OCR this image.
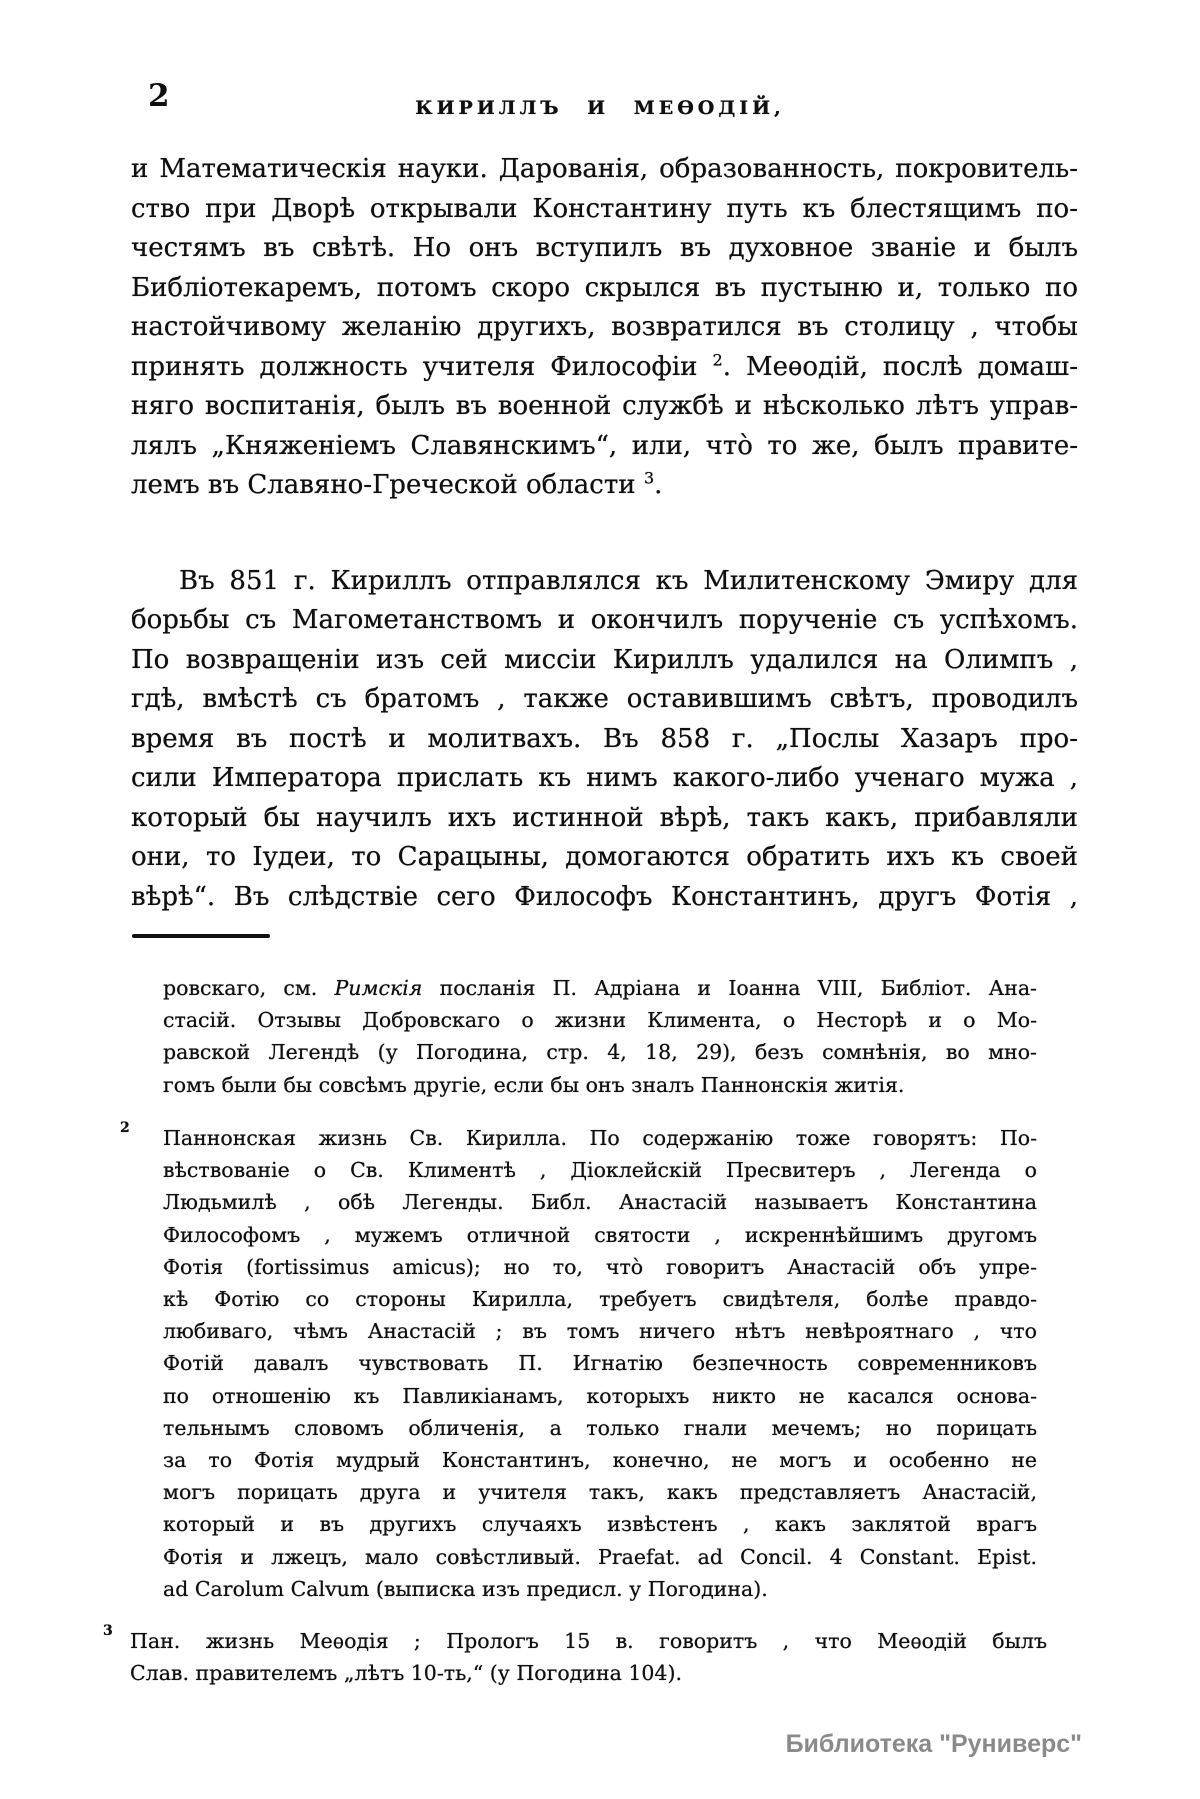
2	КИРИЛЛЪ И МЕѲОДІЙ,
и Математическія науки. Дарованія, образованность, покровитель-
ство при Дворѣ открывали Константину путь къ блестящимъ по-
честямъ въ свѣтѣ. Но онъ вступилъ въ духовное званіе и былъ
Библіотекаремъ, потомъ скоро скрылся въ пустыню и, только по
настойчивому желанію другихъ, возвратился въ столицу , чтобы
принять должность учителя Философіи $^2$. Меѳодій, послѣ домаш-
няго воспитанія, былъ въ военной службѣ и нѣсколько лѣтъ управ-
лялъ „Княженіемъ Славянскимъ“, или, что̀ то же, былъ правите-
лемъ въ Славяно-Греческой области $^3$.
Въ 851 г. Кириллъ отправлялся къ Милитенскому Эмиру для
борьбы съ Магометанствомъ и окончилъ порученіе съ успѣхомъ.
По возвращеніи изъ сей миссіи Кириллъ удалился на Олимпъ ,
гдѣ, вмѣстѣ съ братомъ , также оставившимъ свѣтъ, проводилъ
время въ постѣ и молитвахъ. Въ 858 г. „Послы Хазаръ про-
сили Императора прислать къ нимъ какого-либо ученаго мужа ,
который бы научилъ ихъ истинной вѣрѣ, такъ какъ, прибавляли
они, то Іудеи, то Сарацыны, домогаются обратить ихъ къ своей
вѣрѣ“. Въ слѣдствіе сего Философъ Константинъ, другъ Фотія ,
ровскаго, см. Римскія посланія П. Адріана и Іоанна VIII, Библіот. Ана-
стасій. Отзывы Добровскаго о жизни Климента, о Несторѣ и о Мо-
равской Легендѣ (у Погодина, стр. 4, 18, 29), безъ сомнѣнія, во мно-
гомъ были бы совсѣмъ другіе, если бы онъ зналъ Паннонскія житія.
2 Паннонская жизнь Св. Кирилла. По содержанію тоже говорятъ: По-
вѣствованіе о Св. Климентѣ , Діоклейскій Пресвитеръ , Легенда о
Людьмилѣ , обѣ Легенды. Библ. Анастасій называетъ Константина
Философомъ , мужемъ отличной святости , искреннѣйшимъ другомъ
Фотія (fortissimus amicus); но то, что̀ говоритъ Анастасій объ упре-
кѣ Фотію со стороны Кирилла, требуетъ свидѣтеля, болѣе правдо-
любиваго, чѣмъ Анастасій ; въ томъ ничего нѣтъ невѣроятнаго , что
Фотій давалъ чувствовать П. Игнатію безпечность современниковъ
по отношенію къ Павликіанамъ, которыхъ никто не касался основа-
тельнымъ словомъ обличенія, а только гнали мечемъ; но порицать
за то Фотія мудрый Константинъ, конечно, не могъ и особенно не
могъ порицать друга и учителя такъ, какъ представляетъ Анастасій,
который и въ другихъ случаяхъ извѣстенъ , какъ заклятой врагъ
Фотія и лжецъ, мало совѣстливый. Praefat. ad Concil. 4 Constant. Epist.
ad Carolum Calvum (выписка изъ предисл. у Погодина).
3 Пан. жизнь Меѳодія ; Прологъ 15 в. говоритъ , что Меѳодій былъ
Слав. правителемъ „лѣтъ 10-ть,“ (у Погодина 104).
Библиотека "Руниверс"
